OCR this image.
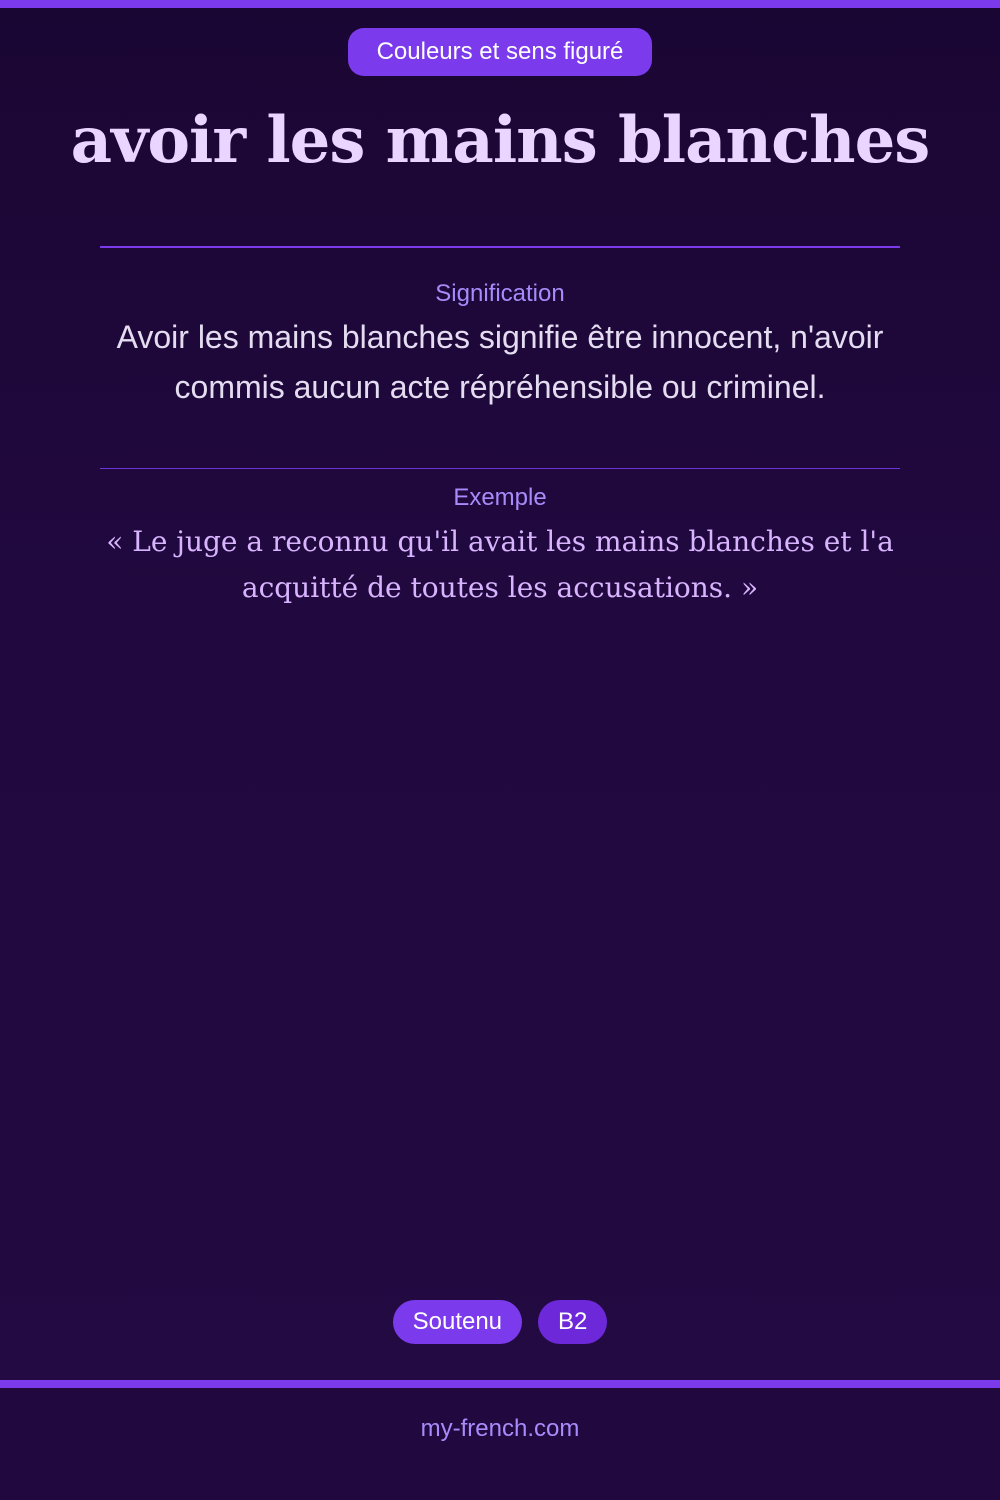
Couleurs et sens figuré
avoir les mains blanches
Signification
Avoir les mains blanches signifie être innocent, n'avoir commis aucun acte répréhensible ou criminel.
Exemple
« Le juge a reconnu qu'il avait les mains blanches et l'a acquitté de toutes les accusations. »
Soutenu	B2
my-french.com
